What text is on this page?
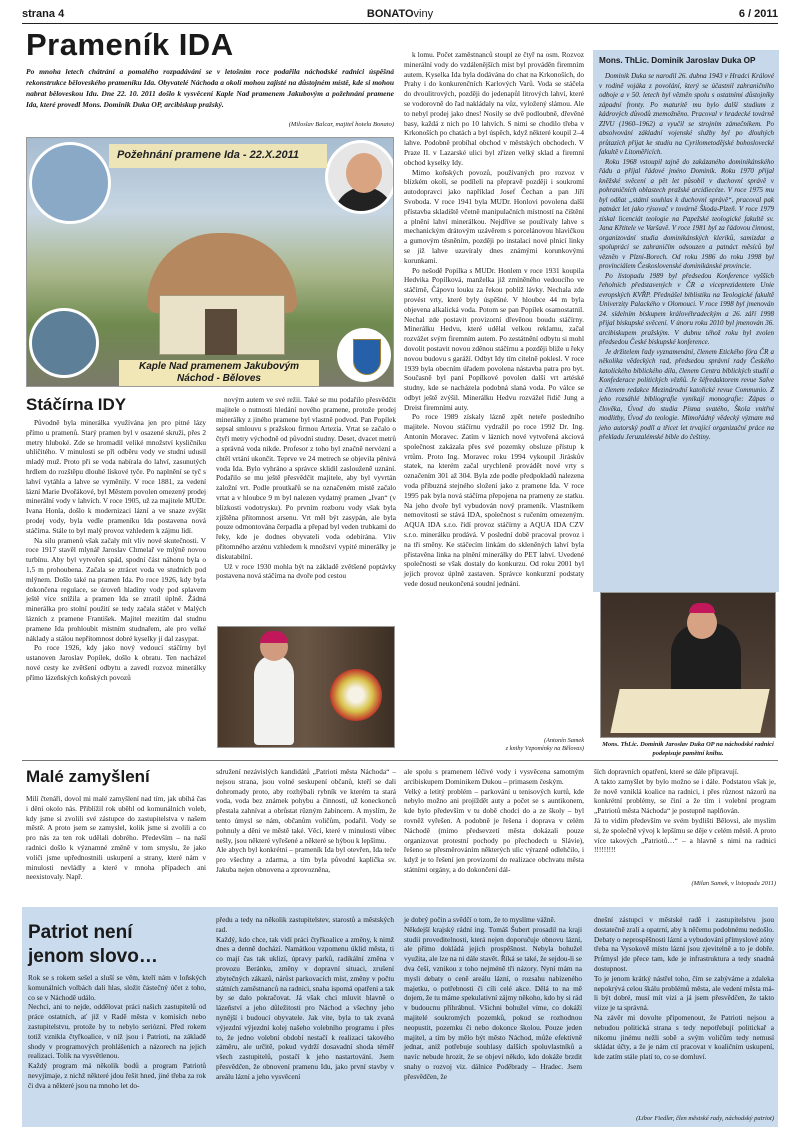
strana 4	BONATOviny	6 / 2011
Prameník IDA

Po mnoha letech chátrání a pomalého rozpadávání se v letošním roce podařila náchodské radnici úspěšná rekonstrukce běloveského prameníku Ida. Obyvatelé Náchoda a okolí mohou zajisté na důstojném místě, kde si mohou nabrat běloveskou Idu. Dne 22. 10. 2011 došlo k vysvěcení Kaple Nad pramenem Jakubovým a požehnání pramene Ida, které provedl Mons. Dominik Duka OP, arcibiskup pražský.

(Miloslav Balcar, majitel hotelu Bonato)

Požehnání pramene Ida - 22.X.2011
Kaple Nad pramenem Jakubovým
Náchod - Běloves
Stáčírna IDY

Původně byla minerálka využívána jen pro pitné lázy přímo u pramenů. Starý pramen byl v osazené skruži, přes 2 metry hluboké. Zde se hromadil veliké množství kysličníku uhličitého. V minulosti se při odběru vody ve studni udusil mladý muž. Proto při se voda nabírala do lahví, zasunutých hrdlem do rozštěpu dlouhé lískové tyče. Po naplnění se tyč s lahví vytáhla a lahve se vyměnily. V roce 1881, za vedení lázní Marie Dvořákové, byl Městem povolen omezený prodej minerální vody v lahvích. V roce 1905, už za majitele MUDr. Ivana Honla, došlo k modernizaci lázní a ve snaze zvýšit prodej vody, byla vedle prameníku Ida postavena nová stáčírna. Stále to byl malý provoz vzhledem k zájmu lidí.

Na silu pramenů však začaly mít vliv nové skutečnosti. V roce 1917 stavěl mlynář Jaroslav Chmelař ve mlýně novou turbínu. Aby byl vytvořen spád, spodní část náhonu byla o 1,5 m prohoubena. Začala se ztrácet voda ve studních pod mlýnem. Došlo také na pramen Ida. Po roce 1926, kdy byla dokončena regulace, se úroveň hladiny vody pod splavem ještě více snížila a pramen Ida se ztratil úplně. Žádná minerálka pro stolní použití se tedy začala stáčet v Malých lázních z pramene František. Majitel mezitím dal studnu pramene Ida prohloubit místním studnařem, ale pro velké náklady a stálou nepřítomnost dobré kyselky ji dal zasypat.

Po roce 1926, kdy jako nový vedoucí stáčírny byl ustanoven Jaroslav Popílek, došlo k obratu. Ten nacházel nové cesty ke zvětšení odbytu a zavedl rozvoz minerálky přímo lázeňských koňských povozů

novým autem ve své režii. Také se mu podařilo přesvědčit majitele o nutnosti hledání nového pramene, protože prodej minerálky z jiného pramene byl vlastně podvod. Pan Popílek sepsal smlouvu s pražskou firmou Artezia. Vrtat se začalo o čtyři metry východně od původní studny. Deset, dvacet metrů a správná voda nikde. Profesor z toho byl značně nervózní a chtěl vrtání ukončit. Teprve ve 24 metrech se objevila pěnivá voda Ida. Bylo vyhráno a správce sklidil zaslouženě uznání. Podařilo se mu ještě přesvědčit majitele, aby byl vyvrtán založní vrt. Podle proutkařů se na označeném místě začalo vrtat a v hloubce 9 m byl nalezen vydatný pramen „Ivan“ (v blízkosti vodotrysku). Po prvním rozboru vody však byla zjištěna přítomnost arsenu. Vrt měl být zasypán, ale byla pouze odmontována čerpadla a přepad byl veden trubkami do řeky, kde je dodnes obyvateli voda odebírána. Vliv přítomného arzénu vzhledem k množství vypité minerálky je diskutabilní.

Už v roce 1930 mohla být na základě zvětšené poptávky postavena nová stáčírna na dvoře pod cestou

k lomu. Počet zaměstnanců stoupl ze čtyř na osm. Rozvoz minerální vody do vzdálenějších míst byl prováděn firemním autem. Kyselka Ida byla dodávána do chat na Krkonoších, do Prahy i do konkurenčních Karlových Varů. Voda se stáčela do dvoulitrových, později do jedenapůl litrových lahví, které se vodorovně do řad nakládaly na vůz, vyložený slámou. Ale to nebyl prodej jako dnes! Nosily se dvě podloubně, dřevěné basy, každá z nich po 10 lahvích. S nimi se chodilo třeba v Krkonoších po chatách a byl úspěch, když některé koupil 2–4 lahve. Podobně probíhal obchod v městských obchodech. V Praze II. v Lazarské ulici byl zřízen velký sklad a firemní obchod kyselky Idy.

Mimo koňských povozů, používaných pro rozvoz v blízkém okolí, se podíleli na přepravě později i soukromí autodopravci jako například Josef Čechan a pan Jiří Svoboda. V roce 1941 byla MUDr. Honlovi povolena další přístavba skladiště včetně manipulačních místností na čištění a plnění lahví minerálkou. Nejdříve se používaly lahve s mechanickým drátovým uzávěrem s porcelánovou hlavičkou a gumovým těsněním, později po instalaci nové plnicí linky se již lahve uzavíraly dnes známými korunkovými korunkami.

Po nešodě Popílka s MUDr. Honlem v roce 1931 koupila Hedvika Popílková, manželka již zmíněného vedoucího ve stáčírně, Čápovu louku za řekou poblíž lávky. Nechala zde provést vrty, které byly úspěšné. V hloubce 44 m byla objevena alkalická voda. Potom se pan Popílek osamostatnil. Nechal zde postavit provizorní dřevěnou boudu stáčírny. Minerálku Hedvu, které udělal velkou reklamu, začal rozvážet svým firemním autem. Po zestátnění odbytu si mohl dovolit postavit novou zděnou stáčírnu a později bliže u řeky novou budovu s garáží. Odbyt Idy tím citelně poklesl. V roce 1939 byla obecním úřadem povolena nástavba patra pro byt. Současně byl paní Popílkové povolen další vrt artéské studny, kde se nacházela podobná slaná voda. Po válce se odbyt ještě zvýšil. Minerálku Hedvu rozvážel řidič Jung a Dreist firemními auty.

Po roce 1989 získaly lázně zpět neteře posledního majitele. Novou stáčírnu vydražil po roce 1992 Dr. Ing. Antonín Moravec. Zatím v lázních nové vytvořená akciová společnost zakázala přes své pozemky obsluze přístup k vrtům. Proto Ing. Moravec roku 1994 vykoupil Jiráskův statek, na kterém začal urychleně provádět nové vrty s označením 301 až 304. Byla zde podle předpokladů nalezena voda příbuzná stejného složení jako z pramene Ida. V roce 1995 pak byla nová stáčírna přepojena na prameny ze statku. Na jeho dvoře byl vybudován nový prameník. Vlastníkem nemovitostí se stává IDA, společnost s ručením omezeným. AQUA IDA s.r.o. řídí provoz stáčírny a AQUA IDA CZV s.r.o. minerálku prodává. V poslední době pracoval provoz i na tři směny. Ke stáčecím linkám do skleněných lahví byla přistavěna linka na plnění minerálky do PET lahví. Uvedené společnosti se však dostaly do konkurzu. Od roku 2001 byl jejich provoz úplně zastaven. Správce konkurzní podstaty vede dosud neukončená soudní jednání.

(Antonín Samek
z knihy Vzpomínky na Bělovas)
Mons. ThLic. Dominik Jaroslav Duka OP

Dominik Duka se narodil 26. dubna 1943 v Hradci Králové v rodině vojáka z povolání, který se účastnil zahraničního odboje a v 50. letech byl vězněn spolu s ostatními důstojníky západní fronty. Po maturitě mu bylo další studium z kádrových důvodů znemožněno. Pracoval v hradecké továrně ZIVU (1960–1962) a vyučil se strojním zámečníkem. Po absolvování základní vojenské služby byl po dlouhých průtazích přijat ke studiu na Cyrilometodějské bohoslovecké fakultě v Litoměřicích.

Roku 1968 vstoupil tajně do zakázaného dominikánského řádu a přijal řádové jméno Dominik. Roku 1970 přijal kněžské svěcení a pět let působil v duchovní správě v pohraničních oblastech pražské arcidiecéze. V roce 1975 mu byl odňat „státní souhlas k duchovní správě“, pracoval pak patnáct let jako rýsovač v továrně Škoda-Plzeň. V roce 1979 získal licenciát teologie na Papežské teologické fakultě sv. Jana Křtitele ve Varšavě. V roce 1981 byl za řádovou činnost, organizování studia dominikánských kleriků, samizdat a spolupráci se zahraničím odsouzen a patnáct měsíců byl vězněn v Plzni-Borech. Od roku 1986 do roku 1998 byl provinciálem Československé dominikánské provincie.

Po listopadu 1989 byl předsedou Konference vyšších řeholních představených v ČR a viceprezidentem Unie evropských KVŘP. Přednášel biblistiku na Teologické fakultě Univerzity Palackého v Olomouci. V roce 1998 byl jmenován 24. sídelním biskupem královéhradeckým a 26. září 1998 přijal biskupské svěcení. V únoru roku 2010 byl jmenován 36. arcibiskupem pražským. V dubnu téhož roku byl zvolen předsedou České biskupské konference.

Je držitelem řady vyznamenání, členem Etického fóra ČR a několika vědeckých rad, předsedou správní rady Českého katolického biblického díla, členem Centra biblických studií a Konfederace politických vězňů. Je šéfredaktorem revue Salve a členem redakce Mezinárodní katolické revue Communio. Z jeho rozsáhlé bibliografie vynikají monografie: Zápas o člověka, Úvod do studia Písma svatého, Škola vnitřní modlitby, Úvod do teologie. Mimořádný vědecký význam má jeho autorský podíl a třicet let trvající organizační práce na překladu Jeruzalémské bible do češtiny.

Mons. ThLic. Dominik Jaroslav Duka OP na náchodské radnici podepisuje pamětní knihu.
Malé zamyšlení
Milí čtenáři, dovol mi malé zamyšlení nad tím, jak ubíhá čas i dění okolo nás. Přiblížil rok uběhl od komunálních voleb, kdy jsme si zvolili své zástupce do zastupitelstva v našem městě. A proto jsem se zamyslel, kolik jsme si zvolili a co pro nás za ten rok udělali dobrého. Především – na naší radnici došlo k významné změně v tom smyslu, že jako voliči jsme upřednostnili uskupení a strany, které nám v minulosti nevládly a které v mnoha případech ani neexistovaly. Např.
sdružení nezávislých kandidátů „Patrioti města Náchoda“ – nejsou strana, jsou volné seskupení občanů, kteří se dali dohromady proto, aby rozhýbali rybník ve kterém ta stará voda, voda bez známek pohybu a činnosti, už koneckonců přestala zahnívat a obrůstat rûzným žabincem. A myslím, že tento úmysl se nám, občanům voličům, podařil. Vody se pohnuly a děni ve městě také. Věci, které v minulosti vůbec nešly, jsou některé vyřešené a některé se hýbou k lepšímu.
Ale abych byl konkrétní – prameník Ida byl otevřen, Ida teče pro všechny a zdarma, a tím byla původní kaplička sv. Jakuba nejen obnovena a zprovozněna,
ale spolu s pramenem léčivé vody i vysvěcena samotným arcibiskupem Dominikem Dukou – primasem českým.
Velký a letitý problém – parkování u tenisových kurtů, kde nebylo možno ani projíždět auty a počet se s auntikonem, kde bylo především v tu době chodci do a ze školy – byl rovněž vyřešen. A podobně je řešena i doprava v celém Náchodě (mimo předsevzetí města dokázali pouze organizovat protestní pochody po přechodech u Slávie), řešeno se přesměrováním některých ulic výrazně odlehčilo, i když je to řešení jen provizorní do realizace obchvatu města státními orgány, a do dokončení dál-
ších dopravních opatření, které se dále připravují.
A takto zamyšlet by bylo možno se i dále. Podstatou však je, že nově vzniklá koalice na radnici, i přes různost názorů na konkrétní problémy, se činí a že tím i volební program „Patriotů města Náchoda“ je postupně naplňován.
Já to vidím především ve svém bydlišti Bělovsi, ale myslím si, že společně vývoj k lepšímu se děje v celém městě. A proto více takových „Patriotů…“ – a hlavně s nimi na radnici !!!!!!!!!
(Milan Samek, v listopadu 2011)
Patriot není
jenom slovo…
Rok se s rokem sešel a sluší se věm, kteří nám v loňských komunálních volbách dali hlas, složit částečný účet z toho, co se v Náchodě událo.
Nechci, ani to nejde, oddělovat práci našich zastupitelů od práce ostatních, ať již v Radě města v komisích nebo zastupitelstvu, protože by to nebylo seriózní. Před rokem totiž vznikla čtyřkoalice, v níž jsou i Patrioti, na základě shody v programových prohlášeních a názorech na jejich realizaci. Tolik na vysvětlenou.
Každý program má několik bodů a program Patriotů nevyjímaje, z nichž některé jdou řešit hned, jiné třeba za rok či dva a některé jsou na mnoho let do-
předu a tedy na několik zastupitelstev, starostů a městských rad.
Každý, kdo chce, tak vidí práci čtyřkoalice a změny, k nimž dnes a denně dochází. Namátkou vzpomenu úklid města, ti co mají čas tak uklizí, úpravy parků, radikální změna v provozu Beránku, změny v dopravní situaci, zrušení zbytečných zákazů, nárůst parkovacích míst, změny v počtu státních zaměstnanců na radnici, snaha ispomá opatřeni a tak by se dalo pokračovat. Já však chci mluvit hlavně o lázeňství a jeho důležitosti pro Náchod a všechny jeho nynější i budoucí obyvatele. Jak vite, byla to tak zvaná výjezdní výjezdní kolej našeho volebního programu i přes to, že jedno volební období nestačí k realizaci takového záměru, ale určitě, pokud vydrží dosavadní shoda téměř všech zastupitelů, postačí k jeho nastartování. Jsem přesvědčen, že obnovení pramenu Idu, jako první stavby v areálu lázní a jeho vysvěcení
je dobrý počin a svědčí o tom, že to myslíme vážně.
Někdejší krajský rádní ing. Tomáš Šubert prosadil na kraji studii proveditelnosti, která nejen doporučuje obnovu lázní, ale přímo dokládá jejich prospěšnost. Nebyla bohužel využita, ale lze na ni dále stavět. Říká se také, že sejdou-li se dva češí, vznikou z toho nejméně tři názory. Nyní mám na mysli debaty o ceně areálu lázní, o rozsahu nabízeného majetku, o potřebnosti či cíli celé akce. Dělá to na mě dojem, že tu máme spekulativní zájmy někoho, kdo by si rád v budoucnu přihrábnul. Všichni bohužel víme, co dokáží majitelé soukromých pozemků, pokud se rozhodnou neopustit, pozemku či nebo dokonce školou. Pouze jeden majitel, a tím by mělo být město Náchod, může efektivně jednat, aniž potřebuje souhlasy dalších spoluvlastníků a navíc nebude hrozit, že se objeví někdo, kdo dokáže brzdit snahy o rozvoj viz. dálnice Poděbrady – Hradec. Jsem přesvědčen, že
dnešní zástupci v městské radě i zastupitelstvu jsou dostatečně zralí a opatrní, aby k něčemu podobnému nedošlo.
Debaty o neprospěšnosti lázní a vybudování přímyslové zóny třeba na Vysokově místo lázní jsou zjevitelně a to je dobře. Průmysl jde přece tam, kde je infrastruktura a tedy snadná dostupnost.
To je jenom krátký nástřel toho, čím se zabýváme a zdaleka nepokrývá celou škálu problémů města, ale vedení města má-li být dobré, musí mít vizi a já jsem přesvědčen, že takto viize je ta správná.
Na závěr mi dovolte připomenout, že Patrioti nejsou a nebudou politická strana s tedy nepotřebují politickař a nikomu jinému nežli sobě a svým voličům tedy nemusí skládat účty, a že je nám ctí pracovat v koaličním uskupení, kde zatím stále platí to, co se domluví.
(Libor Fiedler, člen městské rady, náchodský patriot)
